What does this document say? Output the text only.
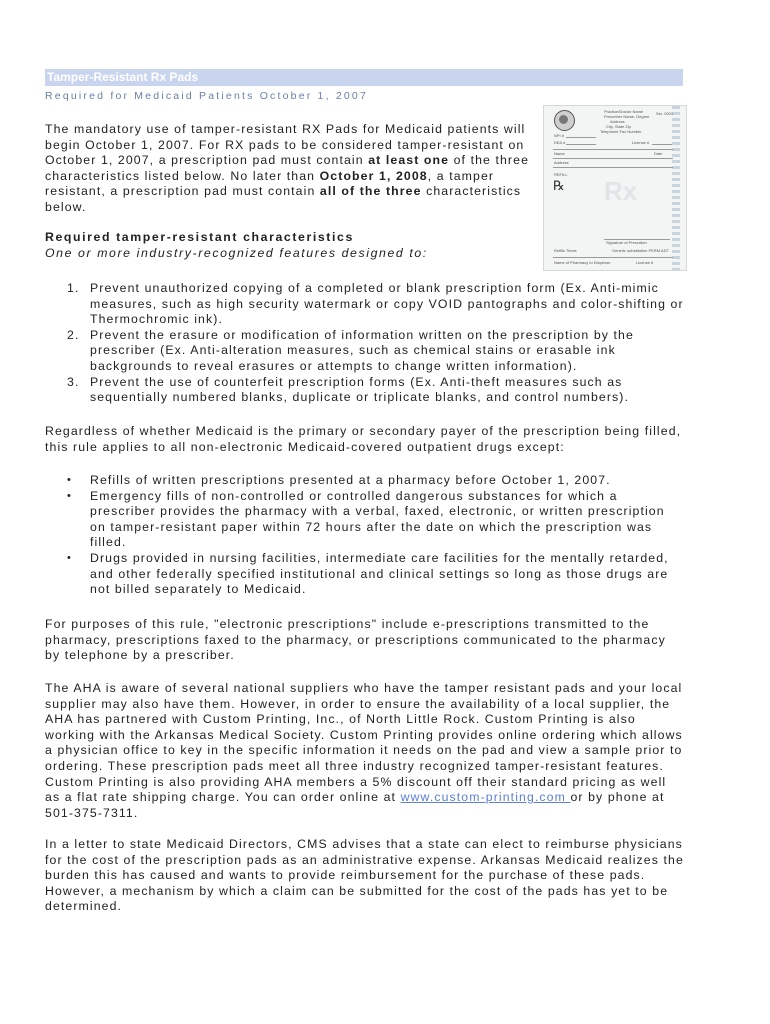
Tamper-Resistant Rx Pads
Required for Medicaid Patients October 1, 2007

The mandatory use of tamper-resistant RX Pads for Medicaid patients will begin October 1, 2007. For RX pads to be considered tamper-resistant on October 1, 2007, a prescription pad must contain at least one of the three characteristics listed below. No later than October 1, 2008, a tamper resistant, a prescription pad must contain all of the three characteristics below.

Rx
Practice/Doctor Name
Prescriber Name, Degree
Address
City, State Zip
Telephone Fax Number
Ser. 0001
NPI #
DEA #	License #
Name	Date
Address
REFILL
℞
Signature of Prescriber
Refills Times	Generic substitution PERM ADT
Name of Pharmacy to Dispense	License #
Required tamper-resistant characteristics
One or more industry-recognized features designed to:
1. Prevent unauthorized copying of a completed or blank prescription form (Ex. Anti-mimic measures, such as high security watermark or copy VOID pantographs and color-shifting or Thermochromic ink).
2. Prevent the erasure or modification of information written on the prescription by the prescriber (Ex. Anti-alteration measures, such as chemical stains or erasable ink backgrounds to reveal erasures or attempts to change written information).
3. Prevent the use of counterfeit prescription forms (Ex. Anti-theft measures such as sequentially numbered blanks, duplicate or triplicate blanks, and control numbers).

Regardless of whether Medicaid is the primary or secondary payer of the prescription being filled, this rule applies to all non-electronic Medicaid-covered outpatient drugs except:

• Refills of written prescriptions presented at a pharmacy before October 1, 2007.
• Emergency fills of non-controlled or controlled dangerous substances for which a prescriber provides the pharmacy with a verbal, faxed, electronic, or written prescription on tamper-resistant paper within 72 hours after the date on which the prescription was filled.
• Drugs provided in nursing facilities, intermediate care facilities for the mentally retarded, and other federally specified institutional and clinical settings so long as those drugs are not billed separately to Medicaid.

For purposes of this rule, "electronic prescriptions" include e-prescriptions transmitted to the pharmacy, prescriptions faxed to the pharmacy, or prescriptions communicated to the pharmacy by telephone by a prescriber.

The AHA is aware of several national suppliers who have the tamper resistant pads and your local supplier may also have them. However, in order to ensure the availability of a local supplier, the AHA has partnered with Custom Printing, Inc., of North Little Rock. Custom Printing is also working with the Arkansas Medical Society. Custom Printing provides online ordering which allows a physician office to key in the specific information it needs on the pad and view a sample prior to ordering. These prescription pads meet all three industry recognized tamper-resistant features. Custom Printing is also providing AHA members a 5% discount off their standard pricing as well as a flat rate shipping charge. You can order online at www.custom-printing.com or by phone at 501-375-7311.

In a letter to state Medicaid Directors, CMS advises that a state can elect to reimburse physicians for the cost of the prescription pads as an administrative expense. Arkansas Medicaid realizes the burden this has caused and wants to provide reimbursement for the purchase of these pads. However, a mechanism by which a claim can be submitted for the cost of the pads has yet to be determined.
